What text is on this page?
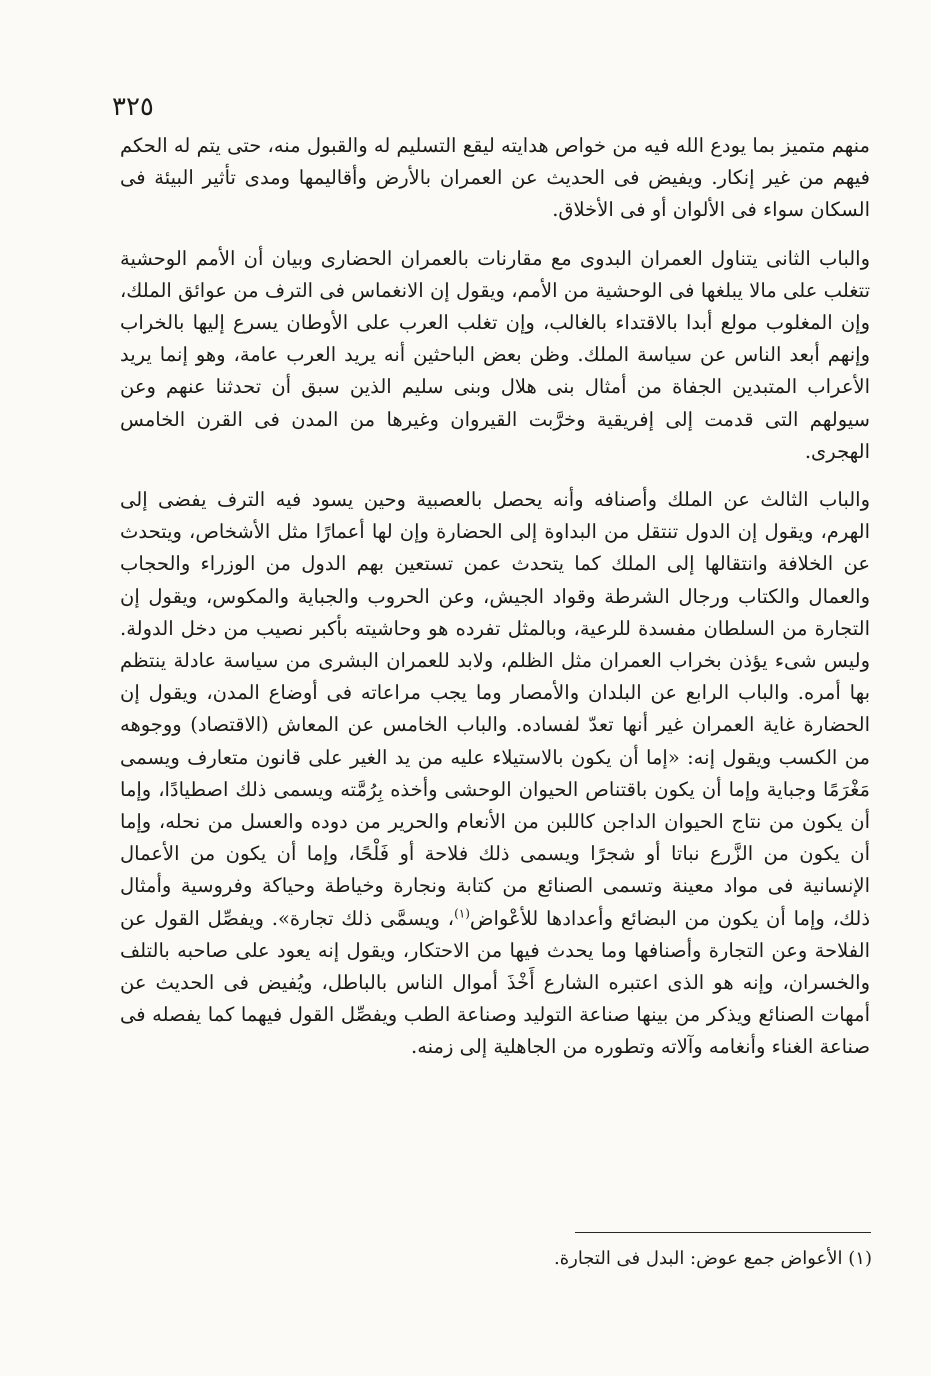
٣٢٥

منهم متميز بما يودع الله فيه من خواص هدايته ليقع التسليم له والقبول منه، حتى يتم له الحكم فيهم من غير إنكار. ويفيض فى الحديث عن العمران بالأرض وأقاليمها ومدى تأثير البيئة فى السكان سواء فى الألوان أو فى الأخلاق.

والباب الثانى يتناول العمران البدوى مع مقارنات بالعمران الحضارى وبيان أن الأمم الوحشية تتغلب على مالا يبلغها فى الوحشية من الأمم، ويقول إن الانغماس فى الترف من عوائق الملك، وإن المغلوب مولع أبدا بالاقتداء بالغالب، وإن تغلب العرب على الأوطان يسرع إليها بالخراب وإنهم أبعد الناس عن سياسة الملك. وظن بعض الباحثين أنه يريد العرب عامة، وهو إنما يريد الأعراب المتبدين الجفاة من أمثال بنى هلال وبنى سليم الذين سبق أن تحدثنا عنهم وعن سيولهم التى قدمت إلى إفريقية وخرَّبت القيروان وغيرها من المدن فى القرن الخامس الهجرى.

والباب الثالث عن الملك وأصنافه وأنه يحصل بالعصبية وحين يسود فيه الترف يفضى إلى الهرم، ويقول إن الدول تنتقل من البداوة إلى الحضارة وإن لها أعمارًا مثل الأشخاص، ويتحدث عن الخلافة وانتقالها إلى الملك كما يتحدث عمن تستعين بهم الدول من الوزراء والحجاب والعمال والكتاب ورجال الشرطة وقواد الجيش، وعن الحروب والجباية والمكوس، ويقول إن التجارة من السلطان مفسدة للرعية، وبالمثل تفرده هو وحاشيته بأكبر نصيب من دخل الدولة. وليس شىء يؤذن بخراب العمران مثل الظلم، ولابد للعمران البشرى من سياسة عادلة ينتظم بها أمره. والباب الرابع عن البلدان والأمصار وما يجب مراعاته فى أوضاع المدن، ويقول إن الحضارة غاية العمران غير أنها تعدّ لفساده. والباب الخامس عن المعاش (الاقتصاد) ووجوهه من الكسب ويقول إنه: «إما أن يكون بالاستيلاء عليه من يد الغير على قانون متعارف ويسمى مَغْرَمًا وجباية وإما أن يكون باقتناص الحيوان الوحشى وأخذه بِرُمَّته ويسمى ذلك اصطيادًا، وإما أن يكون من نتاج الحيوان الداجن كاللبن من الأنعام والحرير من دوده والعسل من نحله، وإما أن يكون من الزَّرع نباتا أو شجرًا ويسمى ذلك فلاحة أو فَلْحًا، وإما أن يكون من الأعمال الإنسانية فى مواد معينة وتسمى الصنائع من كتابة ونجارة وخياطة وحياكة وفروسية وأمثال ذلك، وإما أن يكون من البضائع وأعدادها للأعْواض$^{(١)}$، ويسمَّى ذلك تجارة». ويفصِّل القول عن الفلاحة وعن التجارة وأصنافها وما يحدث فيها من الاحتكار، ويقول إنه يعود على صاحبه بالتلف والخسران، وإنه هو الذى اعتبره الشارع أَخْذَ أموال الناس بالباطل، ويُفيض فى الحديث عن أمهات الصنائع ويذكر من بينها صناعة التوليد وصناعة الطب ويفصِّل القول فيهما كما يفصله فى صناعة الغناء وأنغامه وآلاته وتطوره من الجاهلية إلى زمنه.

(١) الأعواض جمع عوض: البدل فى التجارة.
